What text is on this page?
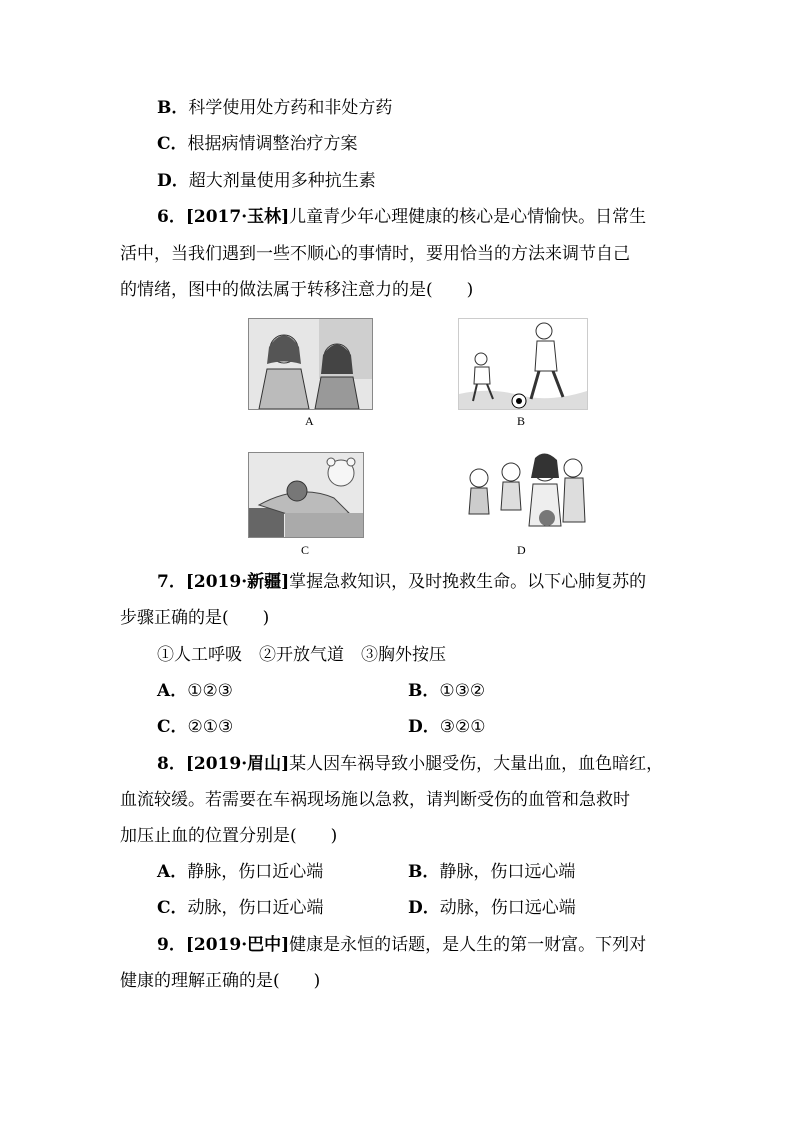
B．科学使用处方药和非处方药
C．根据病情调整治疗方案
D．超大剂量使用多种抗生素
6．[2017·玉林]儿童青少年心理健康的核心是心情愉快。日常生
活中，当我们遇到一些不顺心的事情时，要用恰当的方法来调节自己
的情绪，图中的做法属于转移注意力的是(　　)
A	B
C	D
7．[2019·新疆]掌握急救知识，及时挽救生命。以下心肺复苏的
步骤正确的是(　　)
①人工呼吸　②开放气道　③胸外按压
A．①②③	B．①③②
C．②①③	D．③②①
8．[2019·眉山]某人因车祸导致小腿受伤，大量出血，血色暗红，
血流较缓。若需要在车祸现场施以急救，请判断受伤的血管和急救时
加压止血的位置分别是(　　)
A．静脉，伤口近心端	B．静脉，伤口远心端
C．动脉，伤口近心端	D．动脉，伤口远心端
9．[2019·巴中]健康是永恒的话题，是人生的第一财富。下列对
健康的理解正确的是(　　)
